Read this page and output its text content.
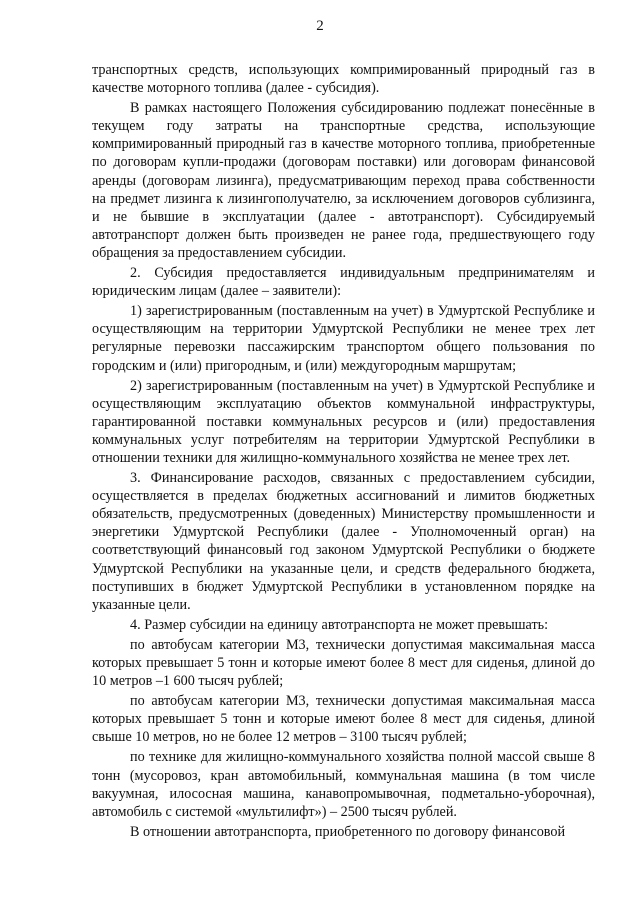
2

транспортных средств, использующих компримированный природный газ в качестве моторного топлива (далее - субсидия).

В рамках настоящего Положения субсидированию подлежат понесённые в текущем году затраты на транспортные средства, использующие компримированный природный газ в качестве моторного топлива, приобретенные по договорам купли-продажи (договорам поставки) или договорам финансовой аренды (договорам лизинга), предусматривающим переход права собственности на предмет лизинга к лизингополучателю, за исключением договоров сублизинга, и не бывшие в эксплуатации (далее - автотранспорт). Субсидируемый автотранспорт должен быть произведен не ранее года, предшествующего году обращения за предоставлением субсидии.

2. Субсидия предоставляется индивидуальным предпринимателям и юридическим лицам (далее – заявители):

1) зарегистрированным (поставленным на учет) в Удмуртской Республике и осуществляющим на территории Удмуртской Республики не менее трех лет регулярные перевозки пассажирским транспортом общего пользования по городским и (или) пригородным, и (или) междугородным маршрутам;

2) зарегистрированным (поставленным на учет) в Удмуртской Республике и осуществляющим эксплуатацию объектов коммунальной инфраструктуры, гарантированной поставки коммунальных ресурсов и (или) предоставления коммунальных услуг потребителям на территории Удмуртской Республики в отношении техники для жилищно-коммунального хозяйства не менее трех лет.

3. Финансирование расходов, связанных с предоставлением субсидии, осуществляется в пределах бюджетных ассигнований и лимитов бюджетных обязательств, предусмотренных (доведенных) Министерству промышленности и энергетики Удмуртской Республики (далее - Уполномоченный орган) на соответствующий финансовый год законом Удмуртской Республики о бюджете Удмуртской Республики на указанные цели, и средств федерального бюджета, поступивших в бюджет Удмуртской Республики в установленном порядке на указанные цели.

4. Размер субсидии на единицу автотранспорта не может превышать:

по автобусам категории М3, технически допустимая максимальная масса которых превышает 5 тонн и которые имеют более 8 мест для сиденья, длиной до 10 метров –1 600 тысяч рублей;

по автобусам категории М3, технически допустимая максимальная масса которых превышает 5 тонн и которые имеют более 8 мест для сиденья, длиной свыше 10 метров, но не более 12 метров – 3100 тысяч рублей;

по технике для жилищно-коммунального хозяйства полной массой свыше 8 тонн (мусоровоз, кран автомобильный, коммунальная машина (в том числе вакуумная, илососная машина, канавопромывочная, подметально-уборочная), автомобиль с системой «мультилифт») – 2500 тысяч рублей.

В отношении автотранспорта, приобретенного по договору финансовой
